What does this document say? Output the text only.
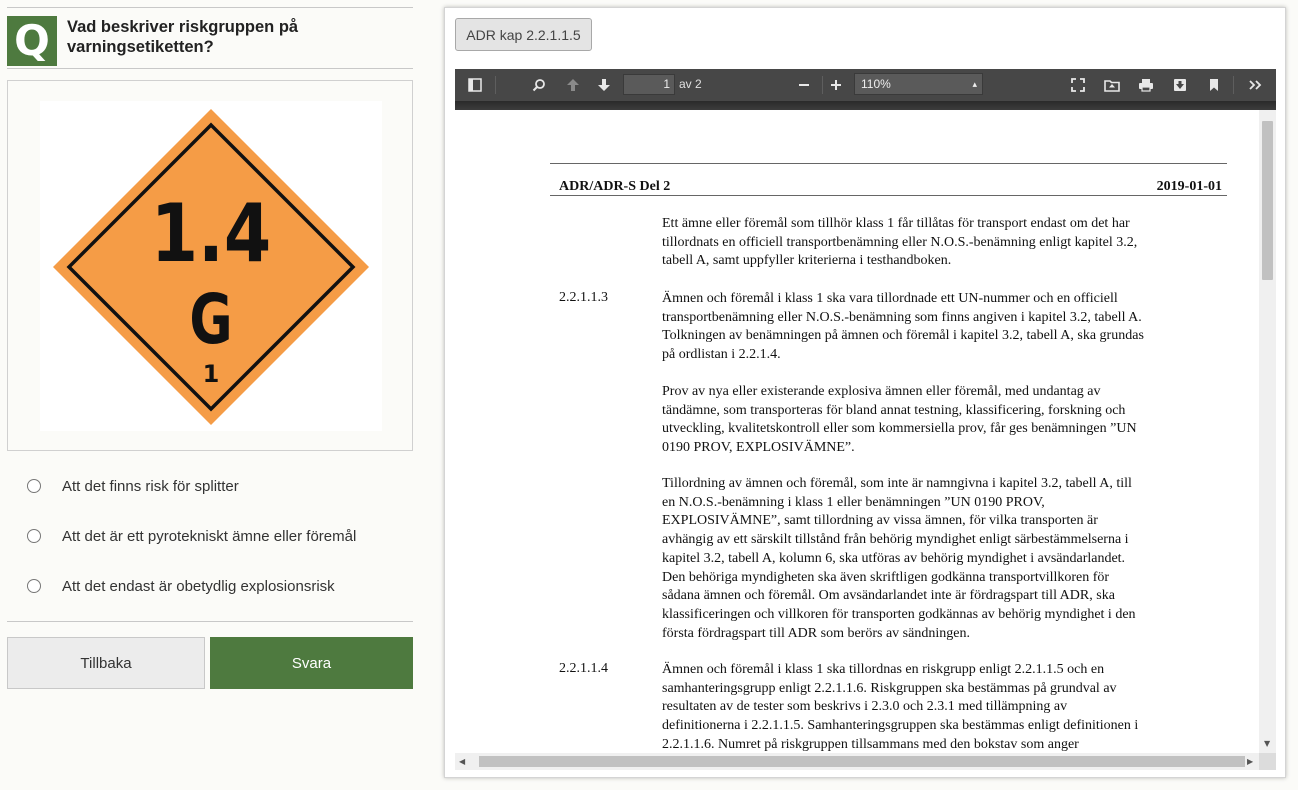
Q	Vad beskriver riskgruppen på varningsetiketten?
1.4
G
1
Att det finns risk för splitter
Att det är ett pyrotekniskt ämne eller föremål
Att det endast är obetydlig explosionsrisk
Tillbaka	Svara
ADR kap 2.2.1.1.5
1 av 2	110%	▴

ADR/ADR-S Del 2	2019-01-01
Ett ämne eller föremål som tillhör klass 1 får tillåtas för transport endast om det har
tillordnats en officiell transportbenämning eller N.O.S.-benämning enligt kapitel 3.2,
tabell A, samt uppfyller kriterierna i testhandboken.
2.2.1.1.3	Ämnen och föremål i klass 1 ska vara tillordnade ett UN-nummer och en officiell
transportbenämning eller N.O.S.-benämning som finns angiven i kapitel 3.2, tabell A.
Tolkningen av benämningen på ämnen och föremål i kapitel 3.2, tabell A, ska grundas
på ordlistan i 2.2.1.4.
Prov av nya eller existerande explosiva ämnen eller föremål, med undantag av
tändämne, som transporteras för bland annat testning, klassificering, forskning och
utveckling, kvalitetskontroll eller som kommersiella prov, får ges benämningen ”UN
0190 PROV, EXPLOSIVÄMNE”.
Tillordning av ämnen och föremål, som inte är namngivna i kapitel 3.2, tabell A, till
en N.O.S.-benämning i klass 1 eller benämningen ”UN 0190 PROV,
EXPLOSIVÄMNE”, samt tillordning av vissa ämnen, för vilka transporten är
avhängig av ett särskilt tillstånd från behörig myndighet enligt särbestämmelserna i
kapitel 3.2, tabell A, kolumn 6, ska utföras av behörig myndighet i avsändarlandet.
Den behöriga myndigheten ska även skriftligen godkänna transportvillkoren för
sådana ämnen och föremål. Om avsändarlandet inte är fördragspart till ADR, ska
klassificeringen och villkoren för transporten godkännas av behörig myndighet i den
första fördragspart till ADR som berörs av sändningen.
2.2.1.1.4	Ämnen och föremål i klass 1 ska tillordnas en riskgrupp enligt 2.2.1.1.5 och en
samhanteringsgrupp enligt 2.2.1.1.6. Riskgruppen ska bestämmas på grundval av
resultaten av de tester som beskrivs i 2.3.0 och 2.3.1 med tillämpning av
definitionerna i 2.2.1.1.5. Samhanteringsgruppen ska bestämmas enligt definitionen i
2.2.1.1.6. Numret på riskgruppen tillsammans med den bokstav som anger	▼
◀	▶
